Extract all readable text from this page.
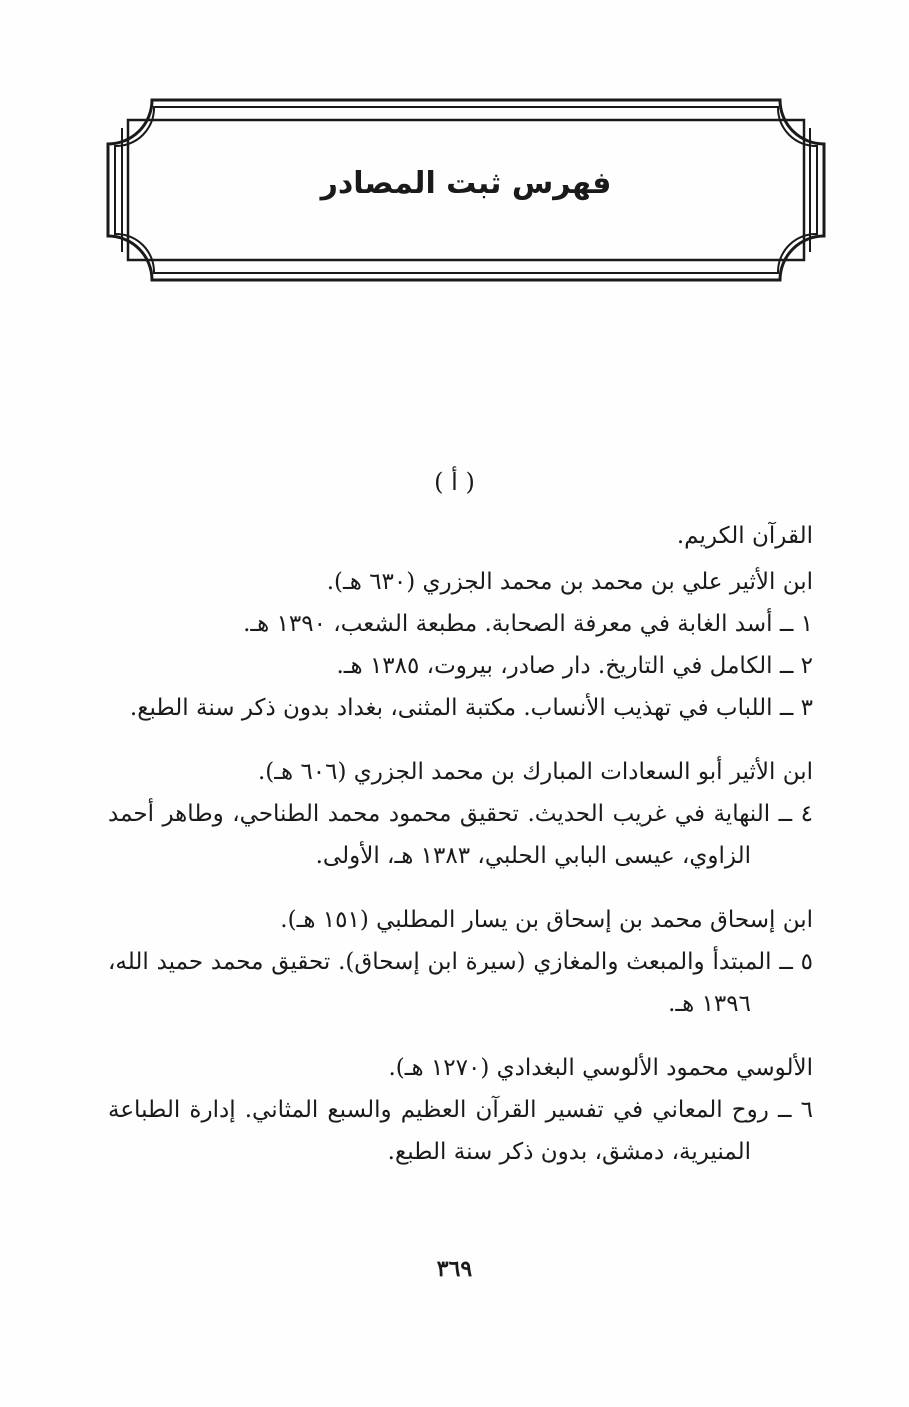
فهرس ثبت المصادر
( أ )

القرآن الكريم.

ابن الأثير علي بن محمد بن محمد الجزري (٦٣٠ هـ).

١ ــ أسد الغابة في معرفة الصحابة. مطبعة الشعب، ١٣٩٠ هـ.

٢ ــ الكامل في التاريخ. دار صادر، بيروت، ١٣٨٥ هـ.

٣ ــ اللباب في تهذيب الأنساب. مكتبة المثنى، بغداد بدون ذكر سنة الطبع.

ابن الأثير أبو السعادات المبارك بن محمد الجزري (٦٠٦ هـ).

٤ ــ النهاية في غريب الحديث. تحقيق محمود محمد الطناحي، وطاهر أحمد الزاوي، عيسى البابي الحلبي، ١٣٨٣ هـ، الأولى.

ابن إسحاق محمد بن إسحاق بن يسار المطلبي (١٥١ هـ).

٥ ــ المبتدأ والمبعث والمغازي (سيرة ابن إسحاق). تحقيق محمد حميد الله، ١٣٩٦ هـ.

الألوسي محمود الألوسي البغدادي (١٢٧٠ هـ).

٦ ــ روح المعاني في تفسير القرآن العظيم والسبع المثاني. إدارة الطباعة المنيرية، دمشق، بدون ذكر سنة الطبع.

٣٦٩
